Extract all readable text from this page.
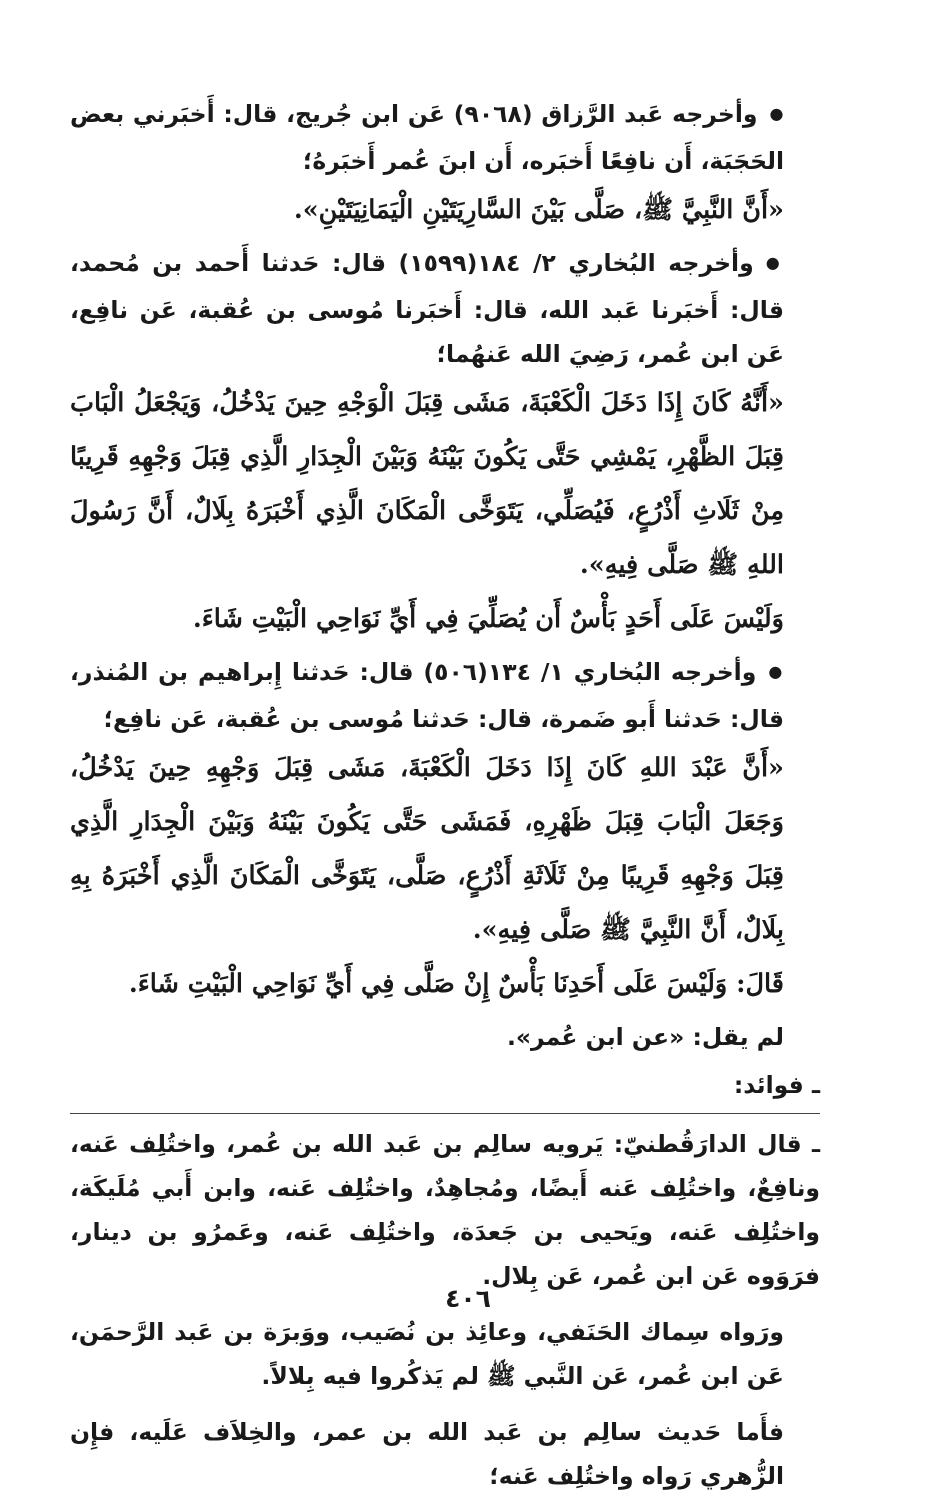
● وأخرجه عَبد الرَّزاق (٩٠٦٨) عَن ابن جُريج، قال: أَخبَرني بعض الحَجَبَة، أَن نافِعًا أَخبَره، أَن ابنَ عُمر أَخبَرهُ؛

«أَنَّ النَّبِيَّ ﷺ، صَلَّى بَيْنَ السَّارِيَتَيْنِ الْيَمَانِيَتَيْنِ».

● وأخرجه البُخاري ٢/ ١٨٤(١٥٩٩) قال: حَدثنا أَحمد بن مُحمد، قال: أَخبَرنا عَبد الله، قال: أَخبَرنا مُوسى بن عُقبة، عَن نافِع، عَن ابن عُمر، رَضِيَ الله عَنهُما؛

«أَنَّهُ كَانَ إِذَا دَخَلَ الْكَعْبَةَ، مَشَى قِبَلَ الْوَجْهِ حِينَ يَدْخُلُ، وَيَجْعَلُ الْبَابَ قِبَلَ الظَّهْرِ، يَمْشِي حَتَّى يَكُونَ بَيْنَهُ وَبَيْنَ الْجِدَارِ الَّذِي قِبَلَ وَجْهِهِ قَرِيبًا مِنْ ثَلَاثِ أَذْرُعٍ، فَيُصَلِّي، يَتَوَخَّى الْمَكَانَ الَّذِي أَخْبَرَهُ بِلَالٌ، أَنَّ رَسُولَ اللهِ ﷺ صَلَّى فِيهِ».

وَلَيْسَ عَلَى أَحَدٍ بَأْسٌ أَن يُصَلِّيَ فِي أَيِّ نَوَاحِي الْبَيْتِ شَاءَ.

● وأخرجه البُخاري ١/ ١٣٤(٥٠٦) قال: حَدثنا إِبراهيم بن المُنذر، قال: حَدثنا أَبو ضَمرة، قال: حَدثنا مُوسى بن عُقبة، عَن نافِع؛

«أَنَّ عَبْدَ اللهِ كَانَ إِذَا دَخَلَ الْكَعْبَةَ، مَشَى قِبَلَ وَجْهِهِ حِينَ يَدْخُلُ، وَجَعَلَ الْبَابَ قِبَلَ ظَهْرِهِ، فَمَشَى حَتَّى يَكُونَ بَيْنَهُ وَبَيْنَ الْجِدَارِ الَّذِي قِبَلَ وَجْهِهِ قَرِيبًا مِنْ ثَلَاثَةِ أَذْرُعٍ، صَلَّى، يَتَوَخَّى الْمَكَانَ الَّذِي أَخْبَرَهُ بِهِ بِلَالٌ، أَنَّ النَّبِيَّ ﷺ صَلَّى فِيهِ».

قَالَ: وَلَيْسَ عَلَى أَحَدِنَا بَأْسٌ إِنْ صَلَّى فِي أَيِّ نَوَاحِي الْبَيْتِ شَاءَ.

لم يقل: «عن ابن عُمر».

ـ فوائد:

ـ قال الدارَقُطنيّ: يَرويه سالِم بن عَبد الله بن عُمر، واختُلِف عَنه، ونافِعٌ، واختُلِف عَنه أَيضًا، ومُجاهِدٌ، واختُلِف عَنه، وابن أَبي مُلَيكَة، واختُلِف عَنه، ويَحيى بن جَعدَة، واختُلِف عَنه، وعَمرُو بن دينار، فرَوَوه عَن ابن عُمر، عَن بِلال.

ورَواه سِماك الحَنَفي، وعائِذ بن نُصَيب، ووَبرَة بن عَبد الرَّحمَن، عَن ابن عُمر، عَن النَّبي ﷺ لم يَذكُروا فيه بِلالاً.

فأَما حَديث سالِم بن عَبد الله بن عمر، والخِلاَف عَلَيه، فإِن الزُّهري رَواه واختُلِف عَنه؛

٤٠٦
